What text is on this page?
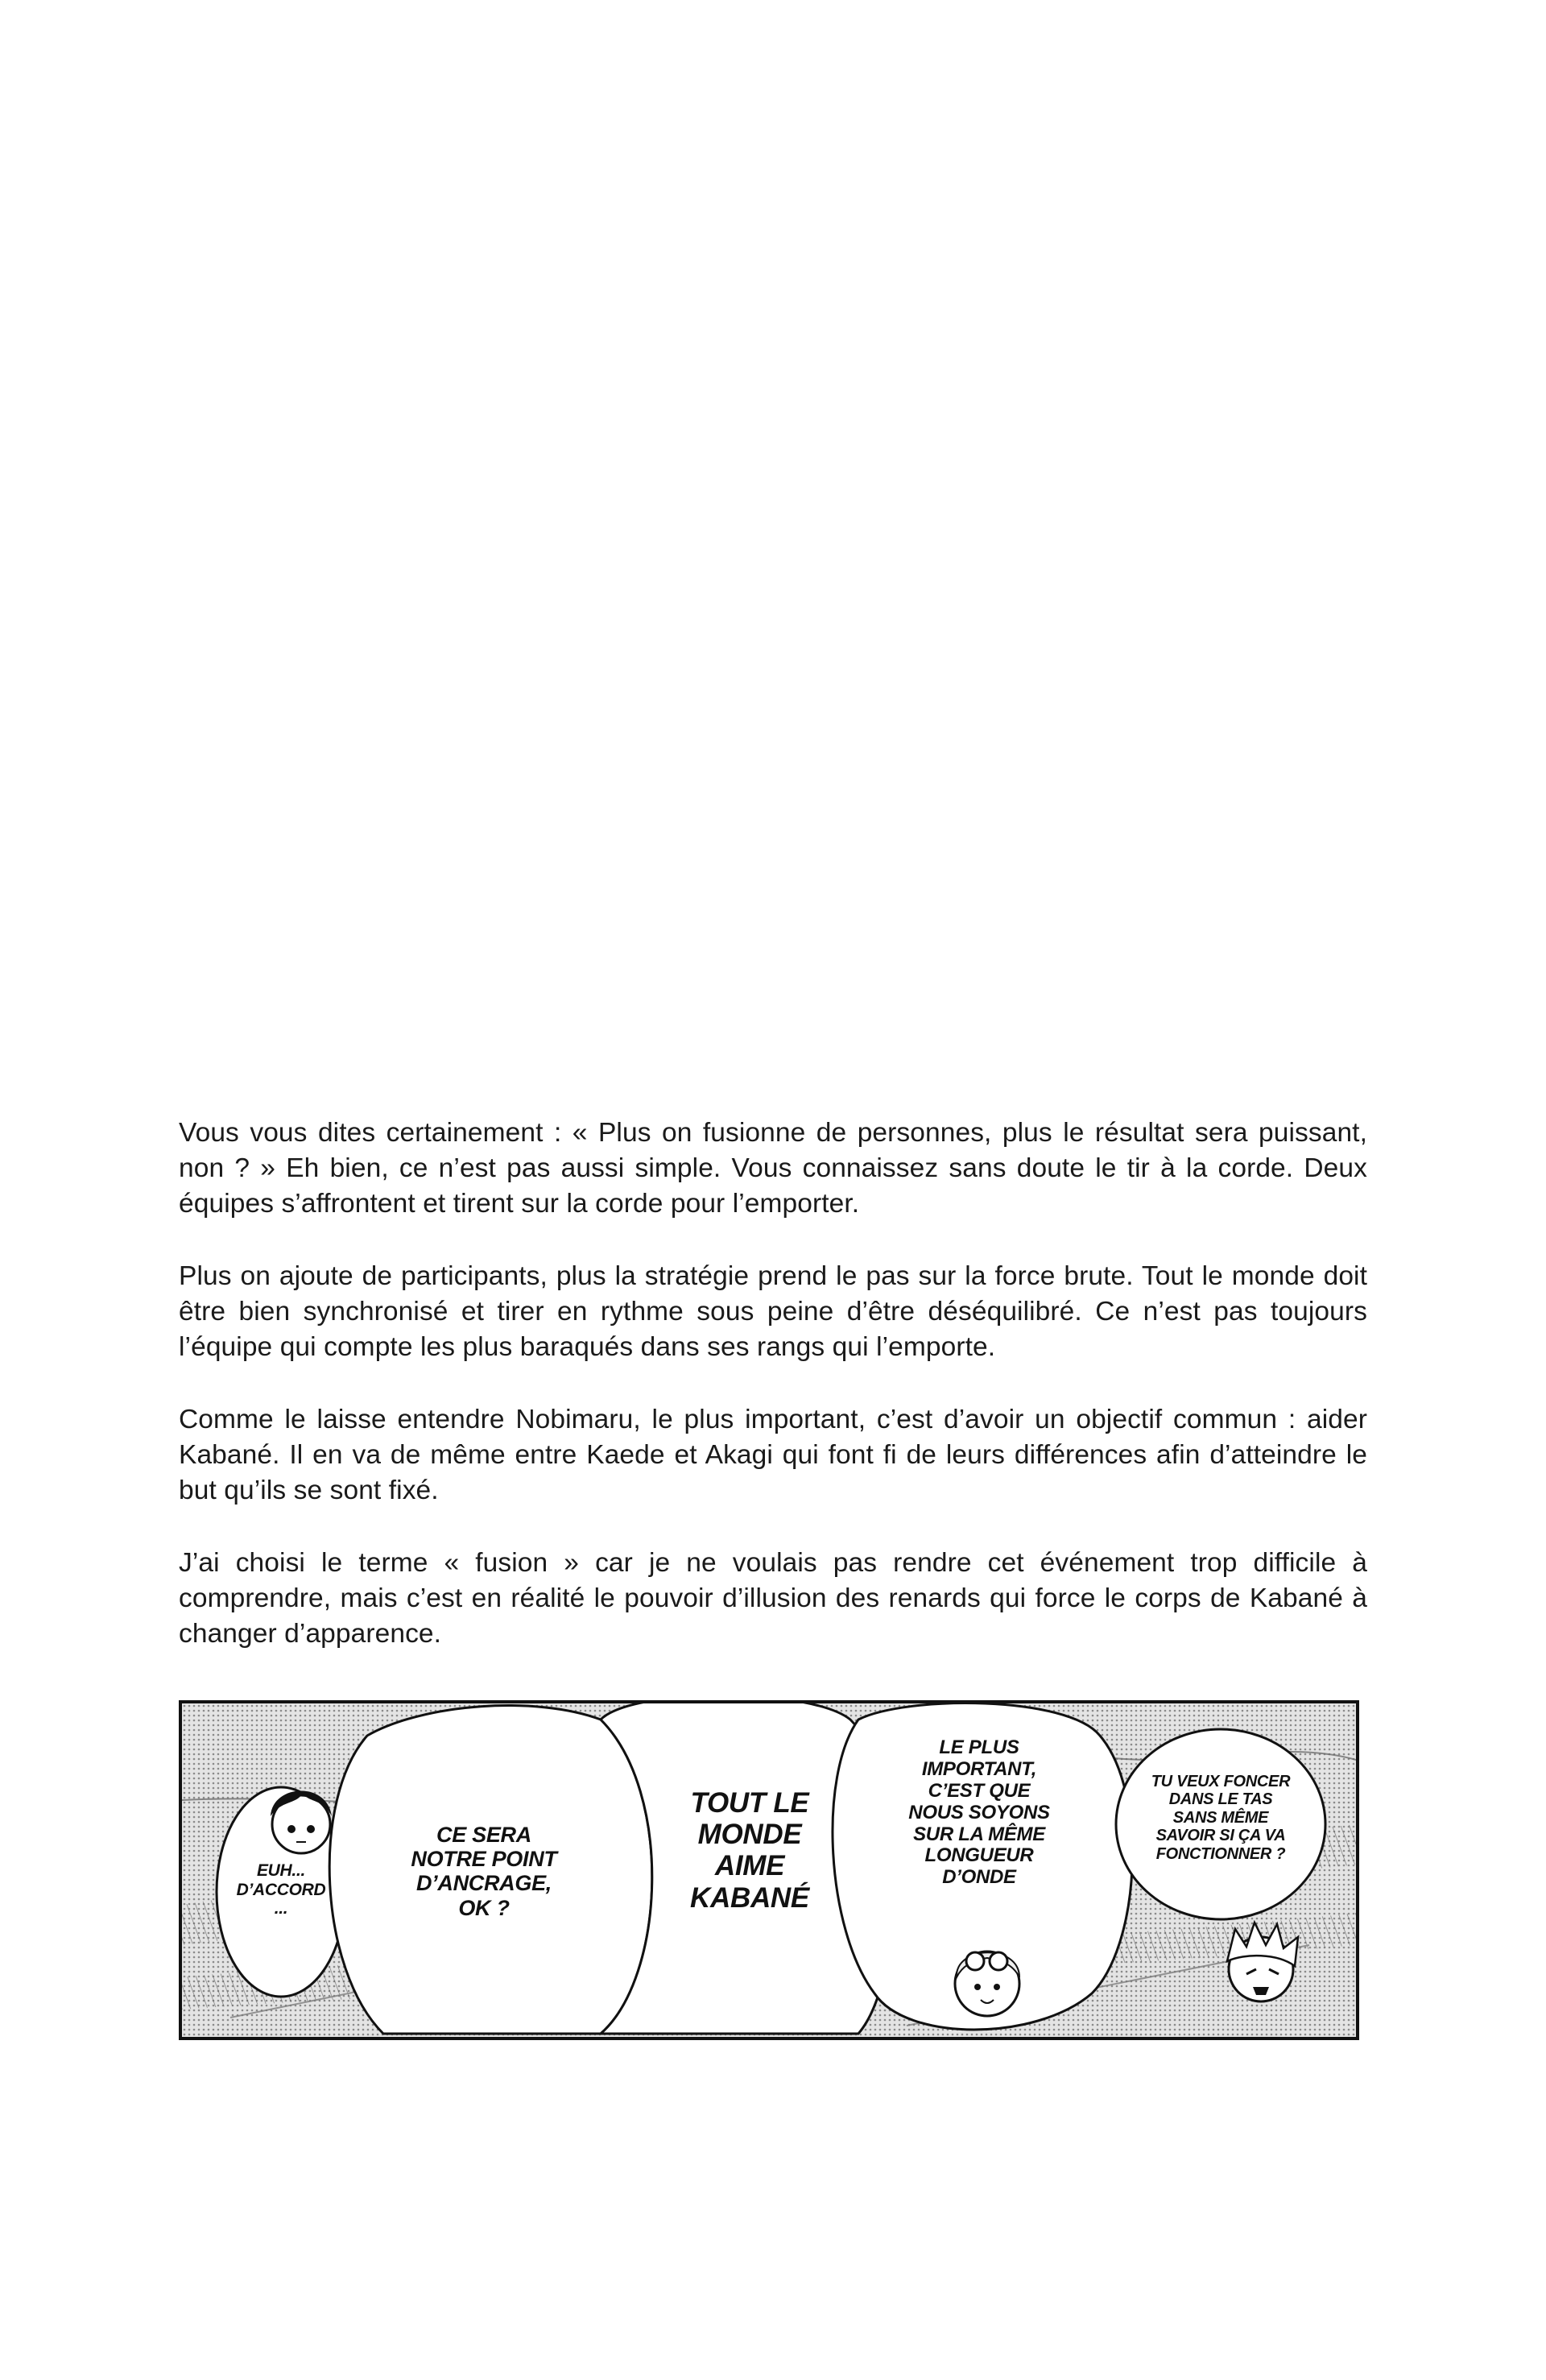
Vous vous dites certainement : « Plus on fusionne de personnes, plus le résultat sera puissant, non ? » Eh bien, ce n’est pas aussi simple. Vous connaissez sans doute le tir à la corde. Deux équipes s’affrontent et tirent sur la corde pour l’emporter.

Plus on ajoute de participants, plus la stratégie prend le pas sur la force brute. Tout le monde doit être bien synchronisé et tirer en rythme sous peine d’être déséquilibré. Ce n’est pas toujours l’équipe qui compte les plus baraqués dans ses rangs qui l’emporte.

Comme le laisse entendre Nobimaru, le plus important, c’est d’avoir un objectif commun : aider Kabané. Il en va de même entre Kaede et Akagi qui font fi de leurs différences afin d’atteindre le but qu’ils se sont fixé.

J’ai choisi le terme « fusion » car je ne voulais pas rendre cet événement trop difficile à comprendre, mais c’est en réalité le pouvoir d’illusion des renards qui force le corps de Kabané à changer d’apparence.

EUH...
D’ACCORD
...
CE SERA
NOTRE POINT
D’ANCRAGE,
OK ?
TOUT LE
MONDE
AIME
KABANÉ
LE PLUS
IMPORTANT,
C’EST QUE
NOUS SOYONS
SUR LA MÊME
LONGUEUR
D’ONDE
TU VEUX FONCER
DANS LE TAS
SANS MÊME
SAVOIR SI ÇA VA
FONCTIONNER ?
